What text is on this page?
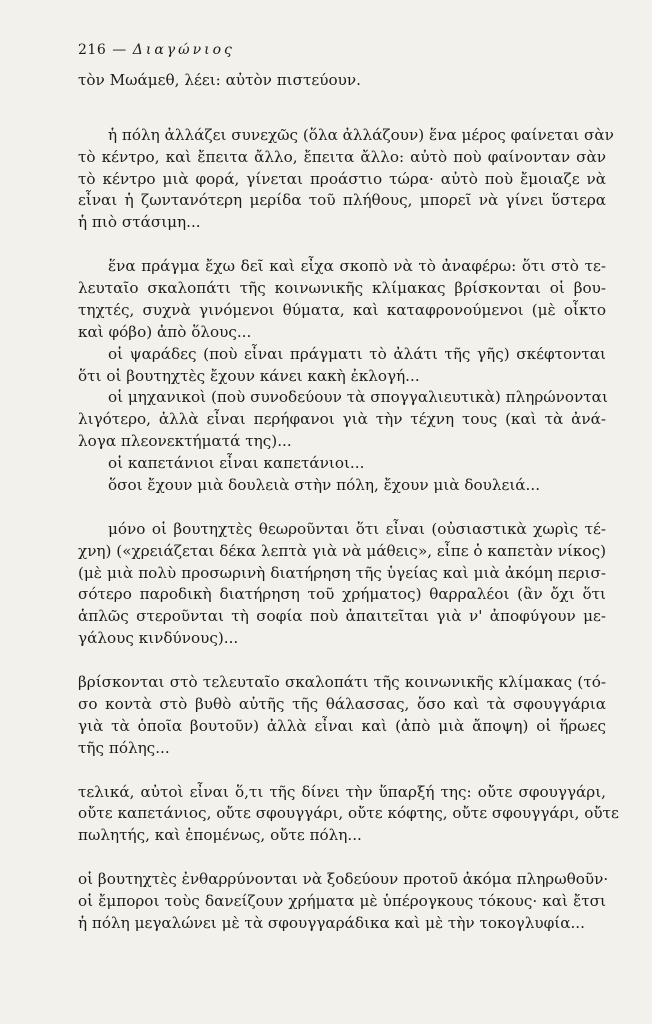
216 — Διαγώνιος
τὸν Μωάμεθ, λέει: αὐτὸν πιστεύουν.
ἡ πόλη ἀλλάζει συνεχῶς (ὅλα ἀλλάζουν) ἕνα μέρος φαίνεται σὰν
τὸ κέντρο, καὶ ἔπειτα ἄλλο, ἔπειτα ἄλλο: αὐτὸ ποὺ φαίνονταν σὰν
τὸ κέντρο μιὰ φορά, γίνεται προάστιο τώρα· αὐτὸ ποὺ ἔμοιαζε νὰ
εἶναι ἡ ζωντανότερη μερίδα τοῦ πλήθους, μπορεῖ νὰ γίνει ὕστερα
ἡ πιὸ στάσιμη...
ἕνα πράγμα ἔχω δεῖ καὶ εἶχα σκοπὸ νὰ τὸ ἀναφέρω: ὅτι στὸ τε-
λευταῖο σκαλοπάτι τῆς κοινωνικῆς κλίμακας βρίσκονται οἱ βου-
τηχτές, συχνὰ γινόμενοι θύματα, καὶ καταφρονούμενοι (μὲ οἶκτο
καὶ φόβο) ἀπὸ ὅλους...
οἱ ψαράδες (ποὺ εἶναι πράγματι τὸ ἀλάτι τῆς γῆς) σκέφτονται
ὅτι οἱ βουτηχτὲς ἔχουν κάνει κακὴ ἐκλογή...
οἱ μηχανικοὶ (ποὺ συνοδεύουν τὰ σπογγαλιευτικὰ) πληρώνονται
λιγότερο, ἀλλὰ εἶναι περήφανοι γιὰ τὴν τέχνη τους (καὶ τὰ ἀνά-
λογα πλεονεκτήματά της)...
οἱ καπετάνιοι εἶναι καπετάνιοι...
ὅσοι ἔχουν μιὰ δουλειὰ στὴν πόλη, ἔχουν μιὰ δουλειά...
μόνο οἱ βουτηχτὲς θεωροῦνται ὅτι εἶναι (οὐσιαστικὰ χωρὶς τέ-
χνη) («χρειάζεται δέκα λεπτὰ γιὰ νὰ μάθεις», εἶπε ὁ καπετὰν νίκος)
(μὲ μιὰ πολὺ προσωρινὴ διατήρηση τῆς ὑγείας καὶ μιὰ ἀκόμη περισ-
σότερο παροδικὴ διατήρηση τοῦ χρήματος) θαρραλέοι (ἂν ὄχι ὅτι
ἁπλῶς στεροῦνται τὴ σοφία ποὺ ἀπαιτεῖται γιὰ ν' ἀποφύγουν με-
γάλους κινδύνους)...
βρίσκονται στὸ τελευταῖο σκαλοπάτι τῆς κοινωνικῆς κλίμακας (τό-
σο κοντὰ στὸ βυθὸ αὐτῆς τῆς θάλασσας, ὅσο καὶ τὰ σφουγγάρια
γιὰ τὰ ὁποῖα βουτοῦν) ἀλλὰ εἶναι καὶ (ἀπὸ μιὰ ἄποψη) οἱ ἥρωες
τῆς πόλης...
τελικά, αὐτοὶ εἶναι ὅ,τι τῆς δίνει τὴν ὕπαρξή της: οὔτε σφουγγάρι,
οὔτε καπετάνιος, οὔτε σφουγγάρι, οὔτε κόφτης, οὔτε σφουγγάρι, οὔτε
πωλητής, καὶ ἑπομένως, οὔτε πόλη...
οἱ βουτηχτὲς ἐνθαρρύνονται νὰ ξοδεύουν προτοῦ ἀκόμα πληρωθοῦν·
οἱ ἔμποροι τοὺς δανείζουν χρήματα μὲ ὑπέρογκους τόκους· καὶ ἔτσι
ἡ πόλη μεγαλώνει μὲ τὰ σφουγγαράδικα καὶ μὲ τὴν τοκογλυφία...
